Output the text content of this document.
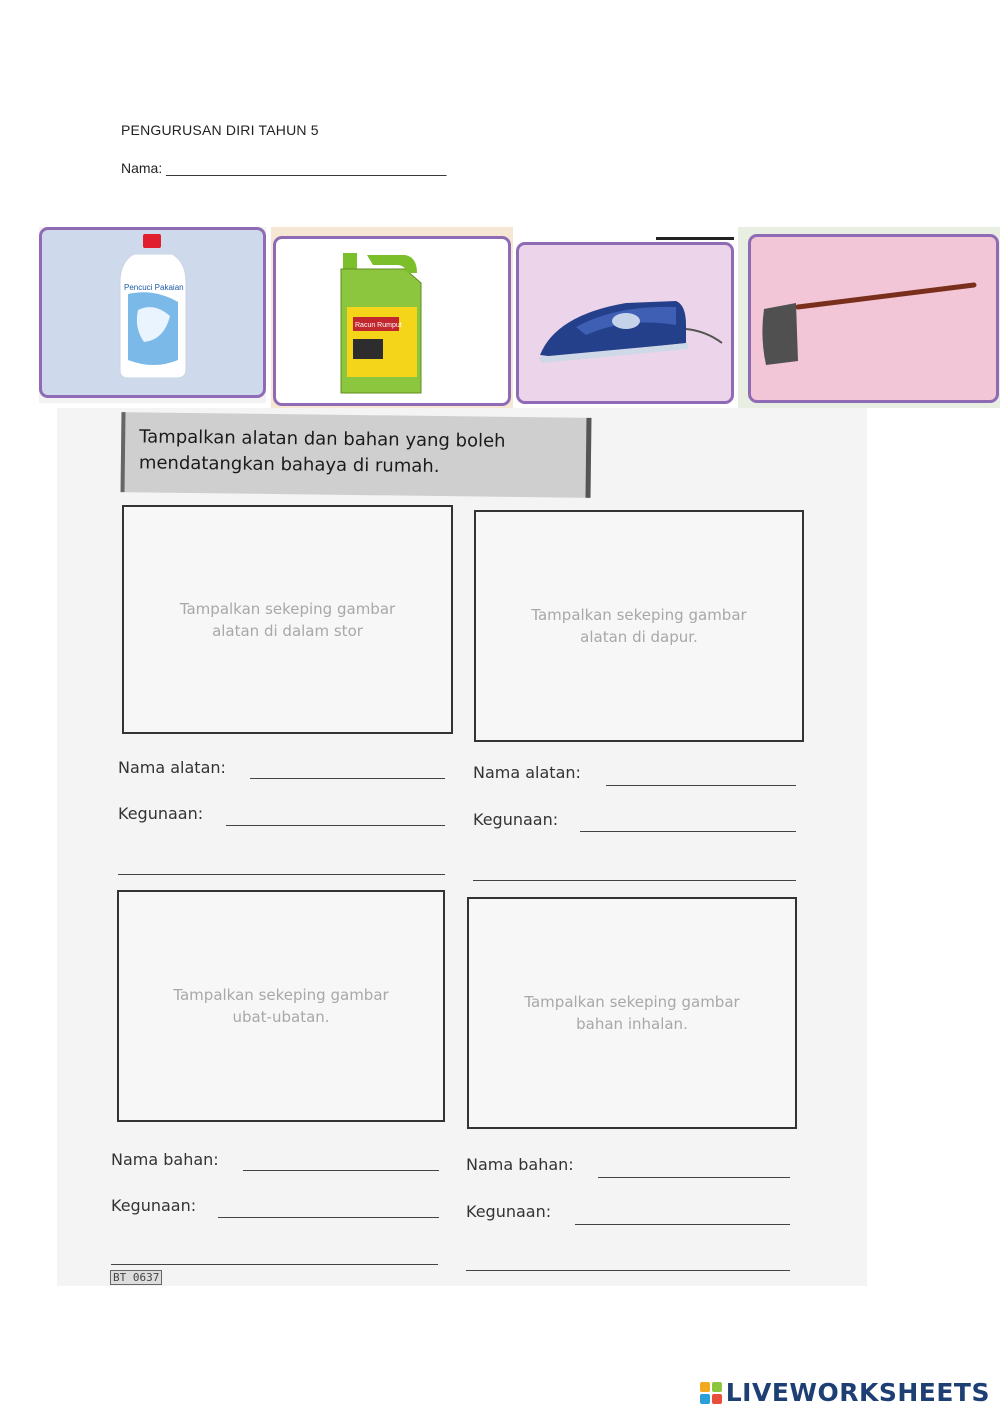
PENGURUSAN DIRI TAHUN 5
Nama: ____________________________________
Pencuci Pakaian
Racun Rumput
Tampalkan alatan dan bahan yang boleh mendatangkan bahaya di rumah.
Tampalkan sekeping gambar alatan di dalam stor
Nama alatan:
Kegunaan:
Tampalkan sekeping gambar alatan di dapur.
Nama alatan:
Kegunaan:
Tampalkan sekeping gambar ubat-ubatan.
Nama bahan:
Kegunaan:
Tampalkan sekeping gambar bahan inhalan.
Nama bahan:
Kegunaan:
BT 0637
LIVEWORKSHEETS
